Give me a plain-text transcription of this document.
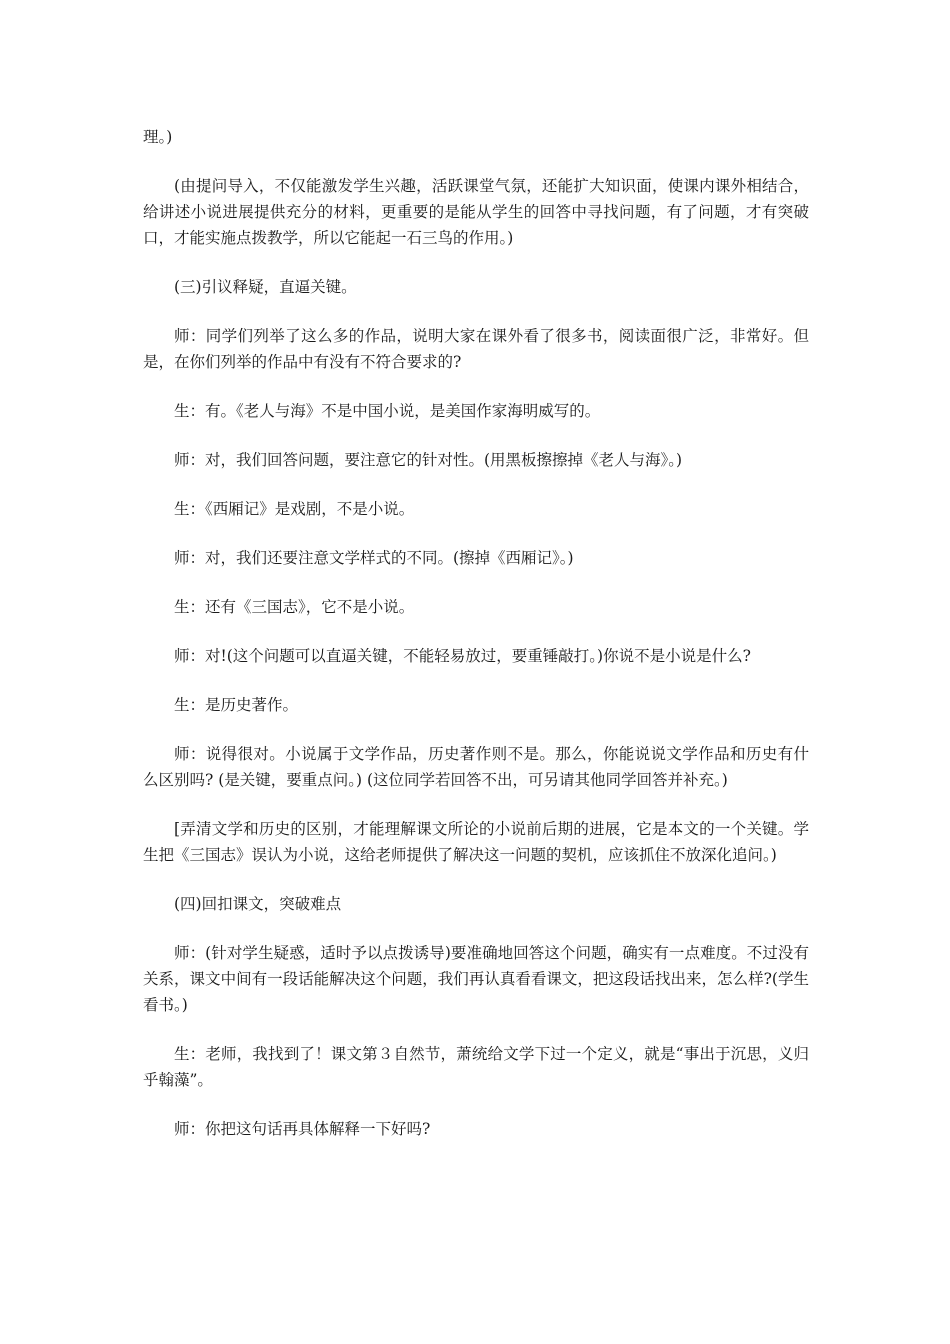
理。)

(由提问导入，不仅能激发学生兴趣，活跃课堂气氛，还能扩大知识面，使课内课外相结合，给讲述小说进展提供充分的材料，更重要的是能从学生的回答中寻找问题，有了问题，才有突破口，才能实施点拨教学，所以它能起一石三鸟的作用。)

(三)引议释疑，直逼关键。

师：同学们列举了这么多的作品，说明大家在课外看了很多书，阅读面很广泛，非常好。但是，在你们列举的作品中有没有不符合要求的?

生：有。《老人与海》不是中国小说，是美国作家海明威写的。

师：对，我们回答问题，要注意它的针对性。(用黑板擦擦掉《老人与海》。)

生：《西厢记》是戏剧，不是小说。

师：对，我们还要注意文学样式的不同。(擦掉《西厢记》。)

生：还有《三国志》，它不是小说。

师：对!(这个问题可以直逼关键，不能轻易放过，要重锤敲打。)你说不是小说是什么?

生：是历史著作。

师：说得很对。小说属于文学作品，历史著作则不是。那么，你能说说文学作品和历史有什么区别吗? (是关键，要重点问。) (这位同学若回答不出，可另请其他同学回答并补充。)

[弄清文学和历史的区别，才能理解课文所论的小说前后期的进展，它是本文的一个关键。学生把《三国志》误认为小说，这给老师提供了解决这一问题的契机，应该抓住不放深化追问。)

(四)回扣课文，突破难点

师：(针对学生疑惑，适时予以点拨诱导)要准确地回答这个问题，确实有一点难度。不过没有关系，课文中间有一段话能解决这个问题，我们再认真看看课文，把这段话找出来，怎么样?(学生看书。)

生：老师，我找到了！课文第３自然节，萧统给文学下过一个定义，就是“事出于沉思，义归乎翰藻”。

师：你把这句话再具体解释一下好吗?
